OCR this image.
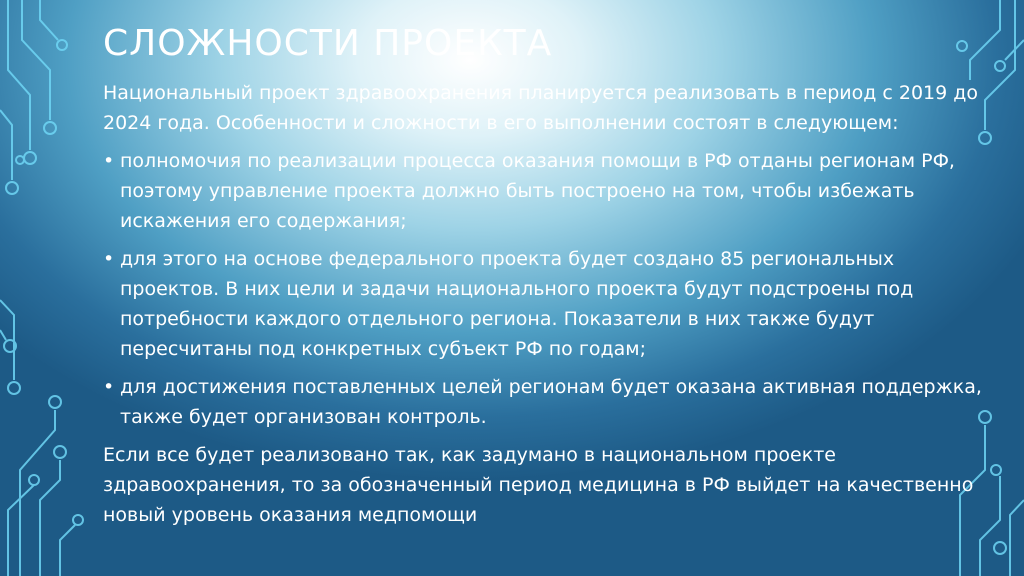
СЛОЖНОСТИ ПРОЕКТА

Национальный проект здравоохранения планируется реализовать в период с 2019 до 2024 года. Особенности и сложности в его выполнении состоят в следующем:

• полномочия по реализации процесса оказания помощи в РФ отданы регионам РФ, поэтому управление проекта должно быть построено на том, чтобы избежать искажения его содержания;
• для этого на основе федерального проекта будет создано 85 региональных проектов. В них цели и задачи национального проекта будут подстроены под потребности каждого отдельного региона. Показатели в них также будут пересчитаны под конкретных субъект РФ по годам;
• для достижения поставленных целей регионам будет оказана активная поддержка, также будет организован контроль.

Если все будет реализовано так, как задумано в национальном проекте здравоохранения, то за обозначенный период медицина в РФ выйдет на качественно новый уровень оказания медпомощи
